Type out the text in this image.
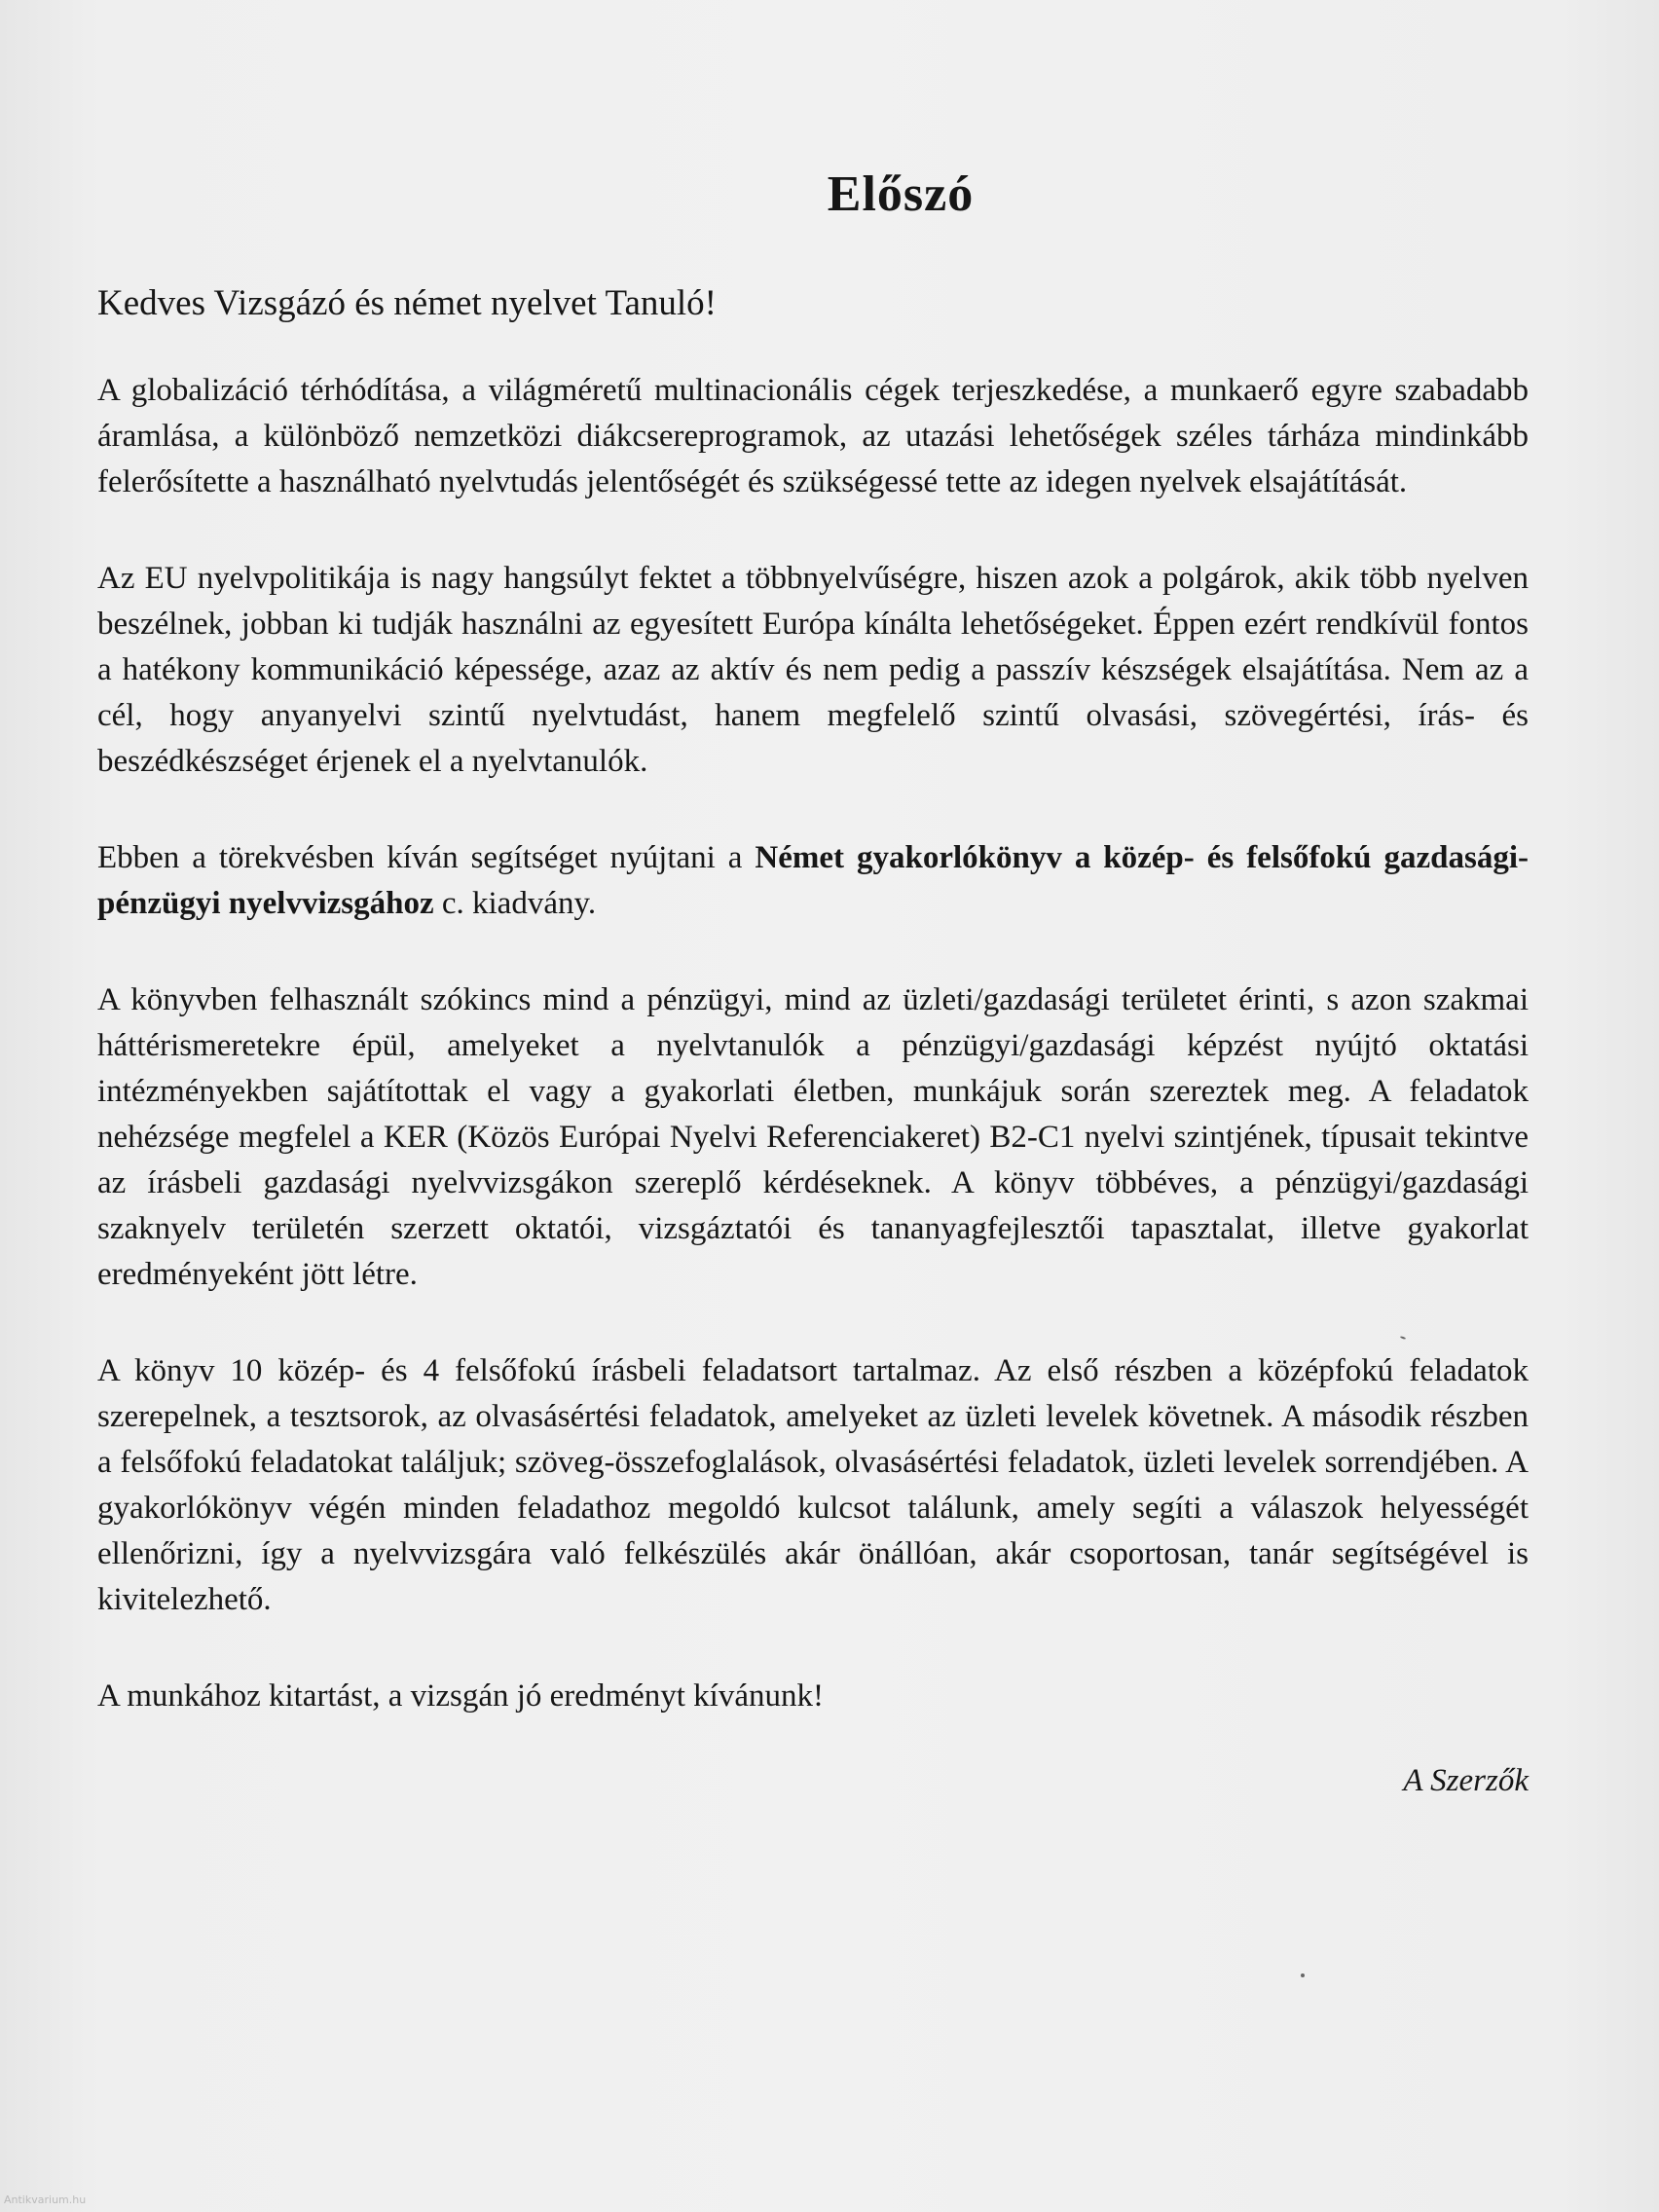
Előszó

Kedves Vizsgázó és német nyelvet Tanuló!

A globalizáció térhódítása, a világméretű multinacionális cégek terjeszkedése, a munkaerő egyre szabadabb áramlása, a különböző nemzetközi diákcsereprogramok, az utazási lehetőségek széles tárháza mindinkább felerősítette a használható nyelvtudás jelentőségét és szükségessé tette az idegen nyelvek elsajátítását.

Az EU nyelvpolitikája is nagy hangsúlyt fektet a többnyelvűségre, hiszen azok a polgárok, akik több nyelven beszélnek, jobban ki tudják használni az egyesített Európa kínálta lehetőségeket. Éppen ezért rendkívül fontos a hatékony kommunikáció képessége, azaz az aktív és nem pedig a passzív készségek elsajátítása. Nem az a cél, hogy anyanyelvi szintű nyelvtudást, hanem megfelelő szintű olvasási, szövegértési, írás- és beszédkészséget érjenek el a nyelvtanulók.

Ebben a törekvésben kíván segítséget nyújtani a Német gyakorlókönyv a közép- és felsőfokú gazdasági-pénzügyi nyelvvizsgához c. kiadvány.

A könyvben felhasznált szókincs mind a pénzügyi, mind az üzleti/gazdasági területet érinti, s azon szakmai háttérismeretekre épül, amelyeket a nyelvtanulók a pénzügyi/gazdasági képzést nyújtó oktatási intézményekben sajátítottak el vagy a gyakorlati életben, munkájuk során szereztek meg. A feladatok nehézsége megfelel a KER (Közös Európai Nyelvi Referenciakeret) B2-C1 nyelvi szintjének, típusait tekintve az írásbeli gazdasági nyelvvizsgákon szereplő kérdéseknek. A könyv többéves, a pénzügyi/gazdasági szaknyelv területén szerzett oktatói, vizsgáztatói és tananyagfejlesztői tapasztalat, illetve gyakorlat eredményeként jött létre.

A könyv 10 közép- és 4 felsőfokú írásbeli feladatsort tartalmaz. Az első részben a középfokú feladatok szerepelnek, a tesztsorok, az olvasásértési feladatok, amelyeket az üzleti levelek követnek. A második részben a felsőfokú feladatokat találjuk; szöveg-összefoglalások, olvasásértési feladatok, üzleti levelek sorrendjében. A gyakorlókönyv végén minden feladathoz megoldó kulcsot találunk, amely segíti a válaszok helyességét ellenőrizni, így a nyelvvizsgára való felkészülés akár önállóan, akár csoportosan, tanár segítségével is kivitelezhető.

A munkához kitartást, a vizsgán jó eredményt kívánunk!

A Szerzők

Antikvarium.hu
